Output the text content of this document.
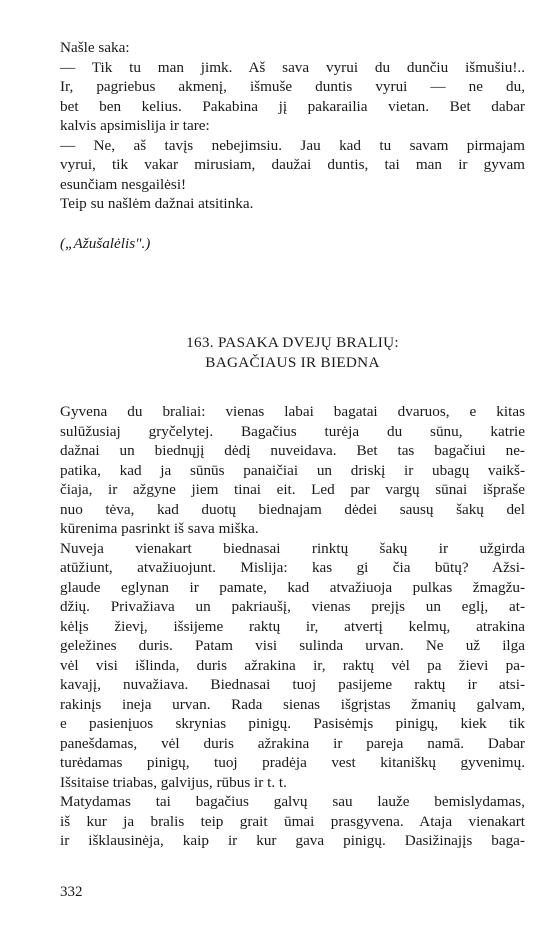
Našle saka:

— Tik tu man jimk. Aš sava vyrui du dunčiu išmušiu!..

Ir, pagriebus akmenį, išmuše duntis vyrui — ne du,
bet ben kelius. Pakabina jį pakarailia vietan. Bet dabar
kalvis apsimislija ir tare:

— Ne, aš tavįs nebejimsiu. Jau kad tu savam pirmajam
vyrui, tik vakar mirusiam, daužai duntis, tai man ir gyvam
esunčiam nesgailėsi!

Teip su našlėm dažnai atsitinka.

(„Ažušalėlis".)
163. PASAKA DVEJŲ BRALIŲ:
BAGAČIAUS IR BIEDNA

Gyvena du braliai: vienas labai bagatai dvaruos, e kitas
sulūžusiaj gryčelytej. Bagačius turėja du sūnu, katrie
dažnai un biednųjį dėdį nuveidava. Bet tas bagačiui ne-
patika, kad ja sūnūs panaičiai un driskį ir ubagų vaikš-
čiaja, ir ažgyne jiem tinai eit. Led par vargų sūnai išpraše
nuo tėva, kad duotų biednajam dėdei sausų šakų del
kūrenima pasrinkt iš sava miška.

Nuveja vienakart biednasai rinktų šakų ir užgirda
atūžiunt, atvažiuojunt. Mislija: kas gi čia būtų? Ažsi-
glaude eglynan ir pamate, kad atvažiuoja pulkas žmagžu-
džių. Privažiava un pakriaušį, vienas prejįs un eglį, at-
kėlįs žievį, išsijeme raktų ir, atvertį kelmų, atrakina
geležines duris. Patam visi sulinda urvan. Ne už ilga
vėl visi išlinda, duris ažrakina ir, raktų vėl pa žievi pa-
kavajį, nuvažiava. Biednasai tuoj pasijeme raktų ir atsi-
rakinįs ineja urvan. Rada sienas išgrįstas žmanių galvam,
e pasienįuos skrynias pinigų. Pasisėmįs pinigų, kiek tik
panešdamas, vėl duris ažrakina ir pareja namā. Dabar
turėdamas pinigų, tuoj pradėja vest kitaniškų gyvenimų.
Išsitaise triabas, galvijus, rūbus ir t. t.

Matydamas tai bagačius galvų sau lauže bemislydamas,
iš kur ja bralis teip grait ūmai prasgyvena. Ataja vienakart
ir išklausinėja, kaip ir kur gava pinigų. Dasižinajįs baga-

332
